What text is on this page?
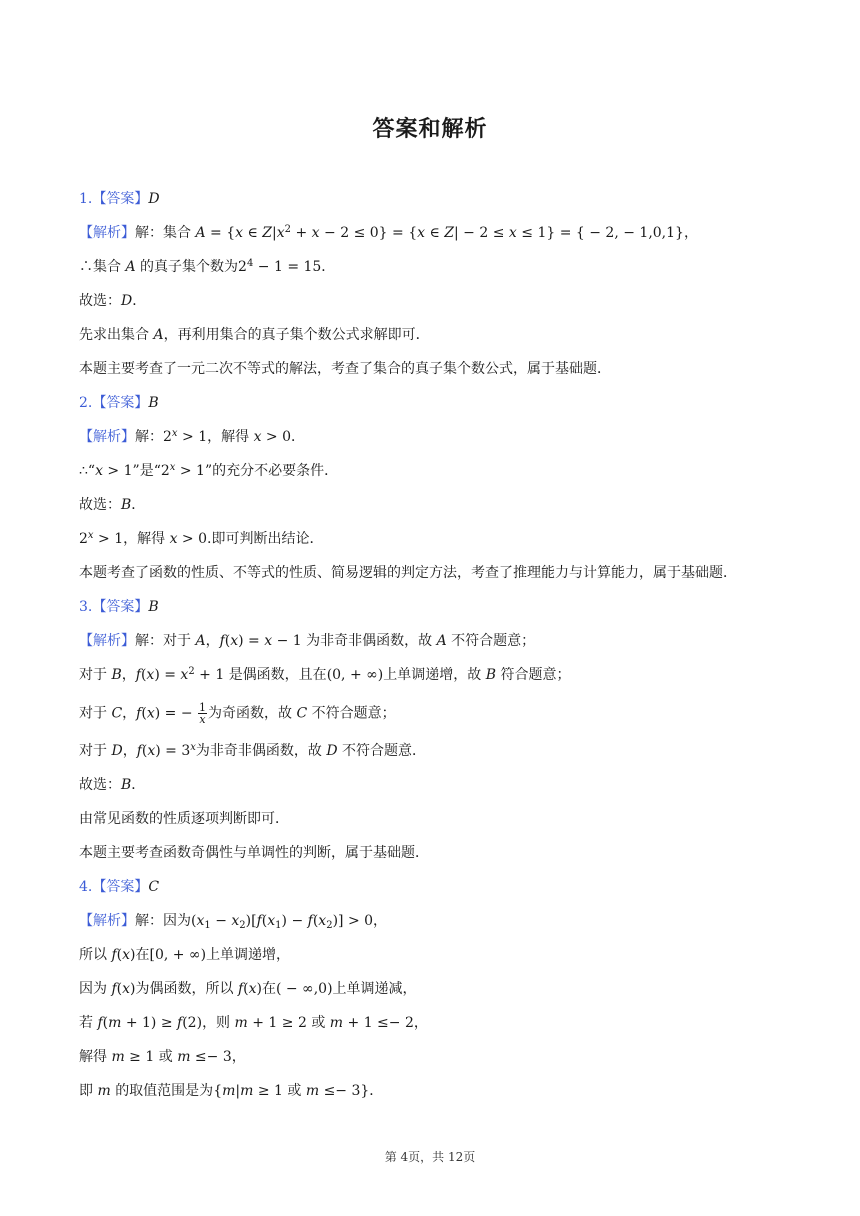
答案和解析
1.【答案】D
【解析】解：集合 A = {x ∈ $Z|x^2 + x - 2 \le 0\} = \{x$ ∈ Z| − 2 ≤ x ≤ 1} = { − 2, − 1,0,1}，
∴集合 A 的真子集个数为$2^4 - 1 = 15$．
故选：D．
先求出集合 A，再利用集合的真子集个数公式求解即可．
本题主要考查了一元二次不等式的解法，考查了集合的真子集个数公式，属于基础题．
2.【答案】B
【解析】解：$2^x > 1$，解得 x > 0．
∴“x > 1”是“$2^x > 1$”的充分不必要条件．
故选：B．
$2^x > 1$，解得 x > 0.即可判断出结论．
本题考查了函数的性质、不等式的性质、简易逻辑的判定方法，考查了推理能力与计算能力，属于基础题．
3.【答案】B
【解析】解：对于 A，f(x) = x − 1 为非奇非偶函数，故 A 不符合题意；
对于 B，$f(x) = x^2 + 1$ 是偶函数，且在(0, + ∞)上单调递增，故 B 符合题意；
对于 C，f(x) = − $\frac{1}{x}$ 为奇函数，故 C 不符合题意；
对于 D，$f(x) = 3^x$为非奇非偶函数，故 D 不符合题意．
故选：B．
由常见函数的性质逐项判断即可．
本题主要考查函数奇偶性与单调性的判断，属于基础题．
4.【答案】C
【解析】解：因为$(x_1 - x_2)[f(x_1) - f(x_2)] > 0$，
所以 f(x)在[0, + ∞)上单调递增，
因为 f(x)为偶函数，所以 f(x)在( − ∞,0)上单调递减，
若 f(m + 1) ≥ f(2)，则 m + 1 ≥ 2 或 m + 1 ≤− 2，
解得 m ≥ 1 或 m ≤− 3，
即 m 的取值范围是为{m|m ≥ 1 或 m ≤− 3}．
第 4页，共 12页
